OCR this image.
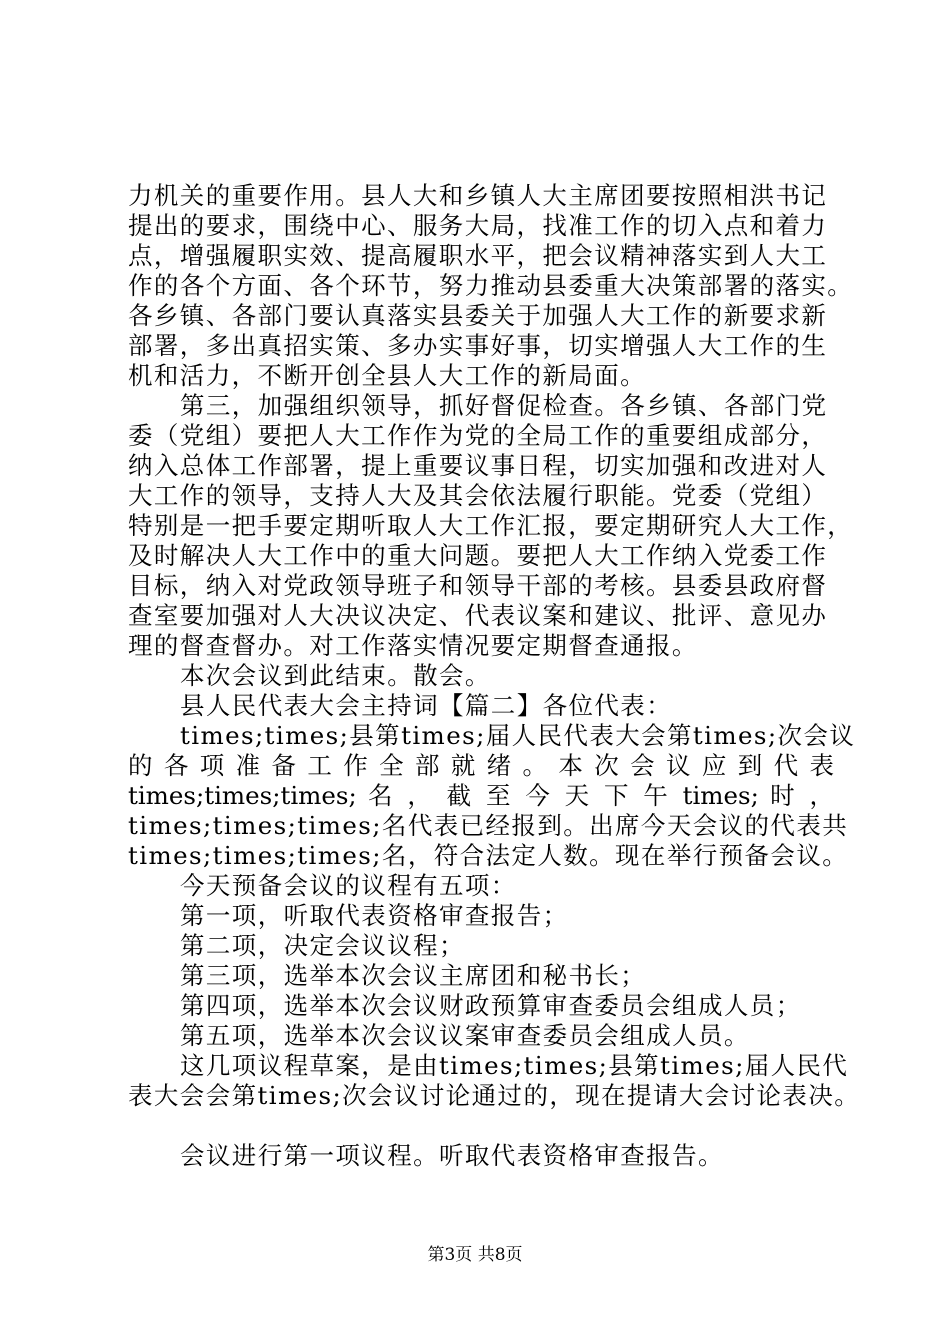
力机关的重要作用。县人大和乡镇人大主席团要按照相洪书记
提出的要求，围绕中心、服务大局，找准工作的切入点和着力
点，增强履职实效、提高履职水平，把会议精神落实到人大工
作的各个方面、各个环节，努力推动县委重大决策部署的落实。
各乡镇、各部门要认真落实县委关于加强人大工作的新要求新
部署，多出真招实策、多办实事好事，切实增强人大工作的生
机和活力，不断开创全县人大工作的新局面。
第三，加强组织领导，抓好督促检查。各乡镇、各部门党
委（党组）要把人大工作作为党的全局工作的重要组成部分，
纳入总体工作部署，提上重要议事日程，切实加强和改进对人
大工作的领导，支持人大及其会依法履行职能。党委（党组）
特别是一把手要定期听取人大工作汇报，要定期研究人大工作，
及时解决人大工作中的重大问题。要把人大工作纳入党委工作
目标，纳入对党政领导班子和领导干部的考核。县委县政府督
查室要加强对人大决议决定、代表议案和建议、批评、意见办
理的督查督办。对工作落实情况要定期督查通报。
本次会议到此结束。散会。
县人民代表大会主持词【篇二】各位代表：
times;times;县第times;届人民代表大会第times;次会议
的 各 项 准 备 工 作 全 部 就 绪 。 本 次 会 议 应 到 代 表
times;times;times; 名 ， 截 至 今 天 下 午 times; 时 ，
times;times;times;名代表已经报到。出席今天会议的代表共
times;times;times;名，符合法定人数。现在举行预备会议。
今天预备会议的议程有五项：
第一项，听取代表资格审查报告；
第二项，决定会议议程；
第三项，选举本次会议主席团和秘书长；
第四项，选举本次会议财政预算审查委员会组成人员；
第五项，选举本次会议议案审查委员会组成人员。
这几项议程草案，是由times;times;县第times;届人民代
表大会会第times;次会议讨论通过的，现在提请大会讨论表决。
会议进行第一项议程。听取代表资格审查报告。
第3页 共8页
